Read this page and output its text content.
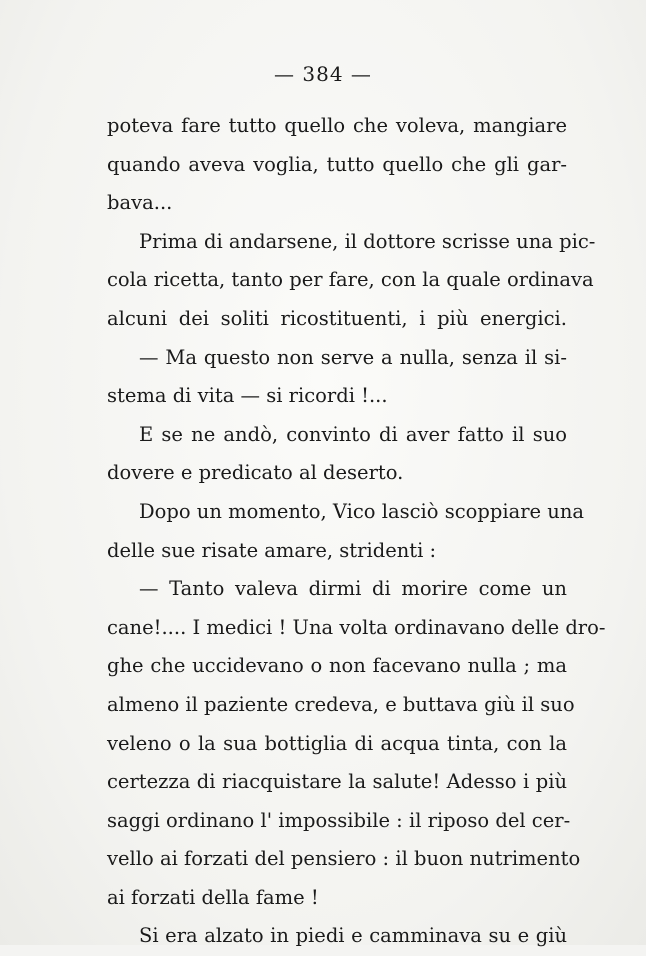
— 384 —
poteva fare tutto quello che voleva, mangiare
quando aveva voglia, tutto quello che gli gar-
bava...
Prima di andarsene, il dottore scrisse una pic-
cola ricetta, tanto per fare, con la quale ordinava
alcuni dei soliti ricostituenti, i più energici.
— Ma questo non serve a nulla, senza il si-
stema di vita — si ricordi !...
E se ne andò, convinto di aver fatto il suo
dovere e predicato al deserto.
Dopo un momento, Vico lasciò scoppiare una
delle sue risate amare, stridenti :
— Tanto valeva dirmi di morire come un
cane!.... I medici ! Una volta ordinavano delle dro-
ghe che uccidevano o non facevano nulla ; ma
almeno il paziente credeva, e buttava giù il suo
veleno o la sua bottiglia di acqua tinta, con la
certezza di riacquistare la salute! Adesso i più
saggi ordinano l' impossibile : il riposo del cer-
vello ai forzati del pensiero : il buon nutrimento
ai forzati della fame !
Si era alzato in piedi e camminava su e giù
